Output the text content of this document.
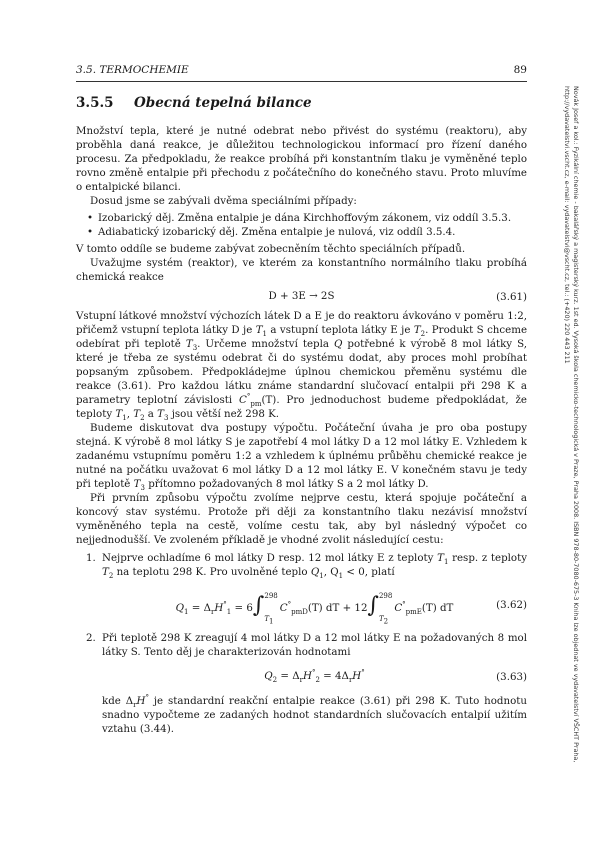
3.5. TERMOCHEMIE	89
3.5.5 Obecná tepelná bilance

Množství tepla, které je nutné odebrat nebo přivést do systému (reaktoru), aby proběhla daná reakce, je důležitou technologickou informací pro řízení daného procesu. Za předpokladu, že reakce probíhá při konstantním tlaku je vyměněné teplo rovno změně entalpie při přechodu z počátečního do konečného stavu. Proto mluvíme o entalpické bilanci.

Dosud jsme se zabývali dvěma speciálními případy:

• Izobarický děj. Změna entalpie je dána Kirchhoffovým zákonem, viz oddíl 3.5.3.
• Adiabatický izobarický děj. Změna entalpie je nulová, viz oddíl 3.5.4.

V tomto oddíle se budeme zabývat zobecněním těchto speciálních případů.

Uvažujme systém (reaktor), ve kterém za konstantního normálního tlaku probíhá chemická reakce

D + 3E → 2S	(3.61)

Vstupní látkové množství výchozích látek D a E je do reaktoru ávkováno v poměru 1:2, přičemž vstupní teplota látky D je $T_1$ a vstupní teplota látky E je $T_2$. Produkt S chceme odebírat při teplotě $T_3$. Určeme množství tepla Q potřebné k výrobě 8 mol látky S, které je třeba ze systému odebrat či do systému dodat, aby proces mohl probíhat popsaným způsobem. Předpokládejme úplnou chemickou přeměnu systému dle reakce (3.61). Pro každou látku známe standardní slučovací entalpii při 298 K a parametry teplotní závislosti $C^\circ_{pm}(T)$. Pro jednoduchost budeme předpokládat, že teploty $T_1$, $T_2$ a $T_3$ jsou větší než 298 K.

Budeme diskutovat dva postupy výpočtu. Počáteční úvaha je pro oba postupy stejná. K výrobě 8 mol látky S je zapotřebí 4 mol látky D a 12 mol látky E. Vzhledem k zadanému vstupnímu poměru 1:2 a vzhledem k úplnému průběhu chemické reakce je nutné na počátku uvažovat 6 mol látky D a 12 mol látky E. V konečném stavu je tedy při teplotě $T_3$ přítomno požadovaných 8 mol látky S a 2 mol látky D.

Při prvním způsobu výpočtu zvolíme nejprve cestu, která spojuje počáteční a koncový stav systému. Protože při ději za konstantního tlaku nezávisí množství vyměněného tepla na cestě, volíme cestu tak, aby byl následný výpočet co nejjednodušší. Ve zvoleném příkladě je vhodné zvolit následující cestu:

1. Nejprve ochladíme 6 mol látky D resp. 12 mol látky E z teploty $T_1$ resp. z teploty $T_2$ na teplotu 298 K. Pro uvolněné teplo $Q_1$, $Q_1 < 0$, platí
$Q_1 = \Delta_rH^\circ_1 = 6\int$ 298
$T_1$
$C^\circ_{pmD}(T)$ dT + 12∫ 298
$T_2$
$C^\circ_{pmE}(T)$ dT	(3.62)
2. Při teplotě 298 K zreagují 4 mol látky D a 12 mol látky E na požadovaných 8 mol látky S. Tento děj je charakterizován hodnotami
$Q_2 = \Delta_rH^\circ_2 = 4\Delta_rH^\circ$	(3.63)
kde $\Delta_rH^\circ$ je standardní reakční entalpie reakce (3.61) při 298 K. Tuto hodnotu snadno vypočteme ze zadaných hodnot standardních slučovacích entalpií užitím vztahu (3.44).	Novák Josef a kol.: Fyzikální chemie - bakalářský a magisterský kurz. 1st ed. Vysoká škola chemicko-technologická v Praze, Praha 2008. ISBN 978-80-7080-675-3 Kniha lze objednat ve vydavatelství VŠCHT Praha, http://vydavatelstvi.vscht.cz, e-mail: vydavatelstvi@vscht.cz, tel.: (+420) 220 443 211
